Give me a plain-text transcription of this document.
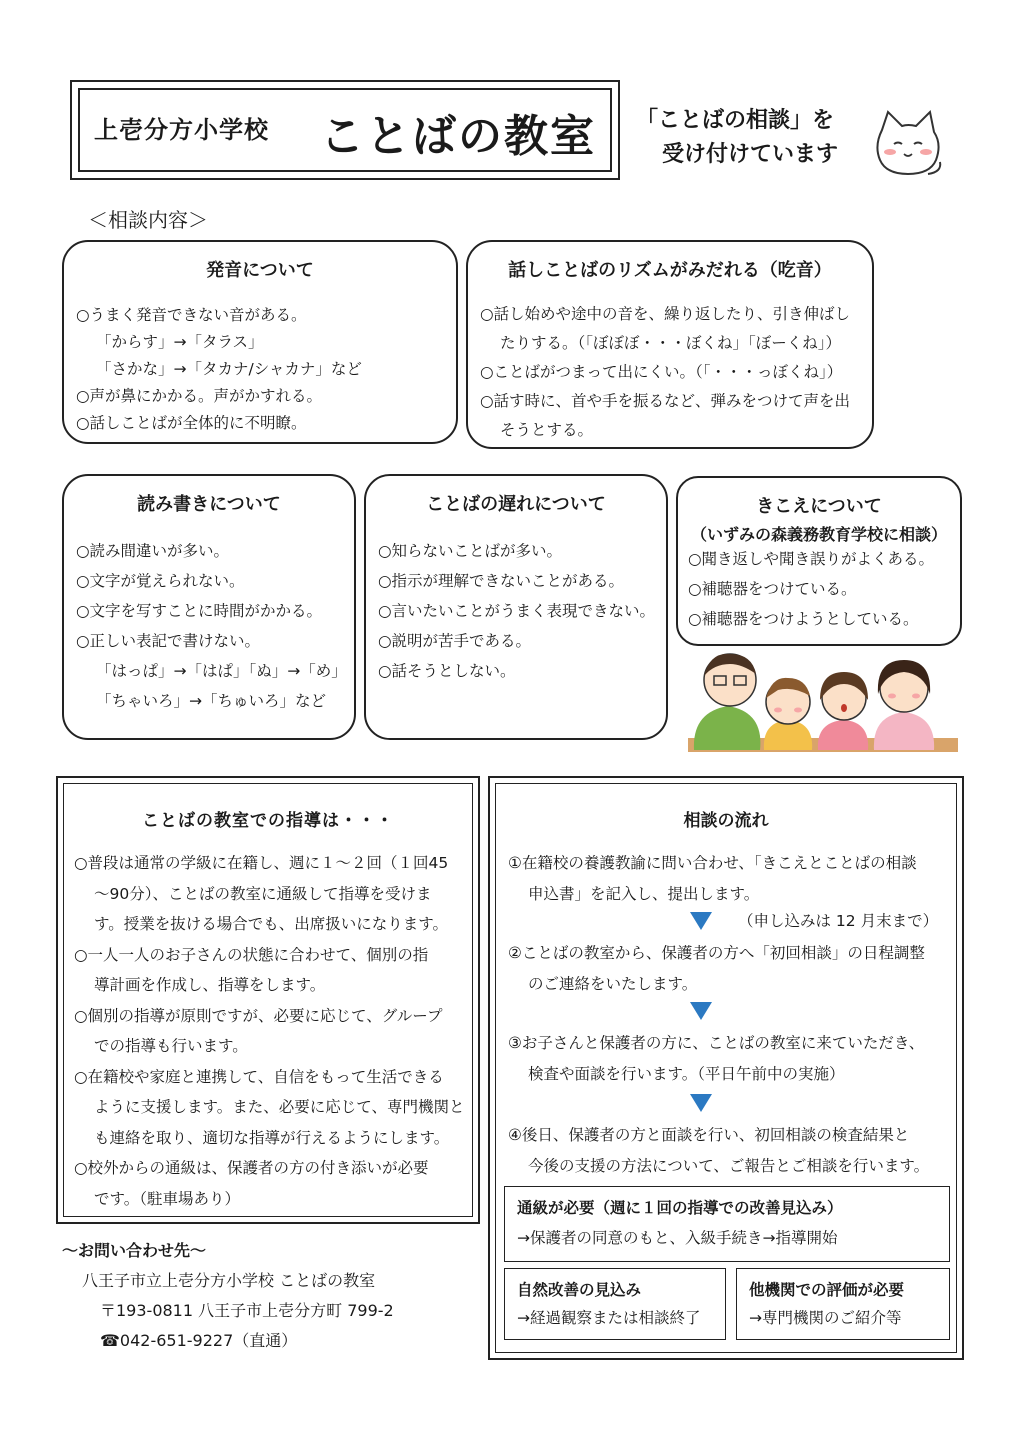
上壱分方小学校 ことばの教室 「ことばの相談」を
受け付けています
＜相談内容＞
発音について
○うまく発音できない音がある。
「からす」→「タラス」
「さかな」→「タカナ/シャカナ」など
○声が鼻にかかる。声がかすれる。
○話しことばが全体的に不明瞭。
話しことばのリズムがみだれる（吃音）
○話し始めや途中の音を、繰り返したり、引き伸ばし
たりする。（「ぼぼぼ・・・ぼくね」「ぼーくね」）
○ことばがつまって出にくい。（「・・・っぼくね」）
○話す時に、首や手を振るなど、弾みをつけて声を出
そうとする。
読み書きについて
○読み間違いが多い。
○文字が覚えられない。
○文字を写すことに時間がかかる。
○正しい表記で書けない。
「はっぱ」→「はぱ」「ぬ」→「め」
「ちゃいろ」→「ちゅいろ」など
ことばの遅れについて
○知らないことばが多い。
○指示が理解できないことがある。
○言いたいことがうまく表現できない。
○説明が苦手である。
○話そうとしない。
きこえについて
（いずみの森義務教育学校に相談）
○聞き返しや聞き誤りがよくある。
○補聴器をつけている。
○補聴器をつけようとしている。
ことばの教室での指導は・・・
○普段は通常の学級に在籍し、週に１～２回（１回45
～90分）、ことばの教室に通級して指導を受けま
す。授業を抜ける場合でも、出席扱いになります。
○一人一人のお子さんの状態に合わせて、個別の指
導計画を作成し、指導をします。
○個別の指導が原則ですが、必要に応じて、グループ
での指導も行います。
○在籍校や家庭と連携して、自信をもって生活できる
ように支援します。また、必要に応じて、専門機関と
も連絡を取り、適切な指導が行えるようにします。
○校外からの通級は、保護者の方の付き添いが必要
です。（駐車場あり）
相談の流れ
①在籍校の養護教諭に問い合わせ、「きこえとことばの相談
申込書」を記入し、提出します。
（申し込みは 12 月末まで）
②ことばの教室から、保護者の方へ「初回相談」の日程調整
のご連絡をいたします。
③お子さんと保護者の方に、ことばの教室に来ていただき、
検査や面談を行います。（平日午前中の実施）
④後日、保護者の方と面談を行い、初回相談の検査結果と
今後の支援の方法について、ご報告とご相談を行います。
通級が必要（週に１回の指導での改善見込み）
→保護者の同意のもと、入級手続き→指導開始
自然改善の見込み
→経過観察または相談終了
他機関での評価が必要
→専門機関のご紹介等
～お問い合わせ先～
八王子市立上壱分方小学校 ことばの教室
〒193-0811 八王子市上壱分方町 799-2
☎042-651-9227（直通）
